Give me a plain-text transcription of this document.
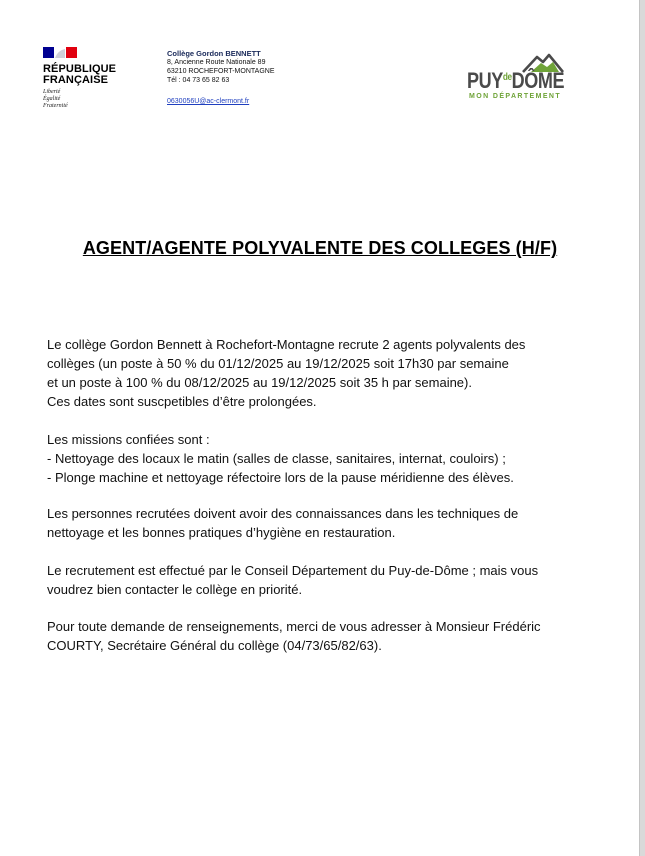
RÉPUBLIQUE
FRANÇAISE
Liberté
Égalité
Fraternité
Collège Gordon BENNETT
8, Ancienne Route Nationale 89
63210 ROCHEFORT-MONTAGNE
Tél : 04 73 65 82 63
0630056U@ac-clermont.fr
$PUY^{de}DÔME$
MON DÉPARTEMENT
AGENT/AGENTE POLYVALENTE DES COLLEGES (H/F)
Le collège Gordon Bennett à Rochefort-Montagne recrute 2 agents polyvalents des
collèges (un poste à 50 % du 01/12/2025 au 19/12/2025 soit 17h30 par semaine
et un poste à 100 % du 08/12/2025 au 19/12/2025 soit 35 h par semaine).
Ces dates sont suscpetibles d’être prolongées.
Les missions confiées sont :
- Nettoyage des locaux le matin (salles de classe, sanitaires, internat, couloirs) ;
- Plonge machine et nettoyage réfectoire lors de la pause méridienne des élèves.
Les personnes recrutées doivent avoir des connaissances dans les techniques de
nettoyage et les bonnes pratiques d’hygiène en restauration.
Le recrutement est effectué par le Conseil Département du Puy-de-Dôme ; mais vous
voudrez bien contacter le collège en priorité.
Pour toute demande de renseignements, merci de vous adresser à Monsieur Frédéric
COURTY, Secrétaire Général du collège (04/73/65/82/63).
